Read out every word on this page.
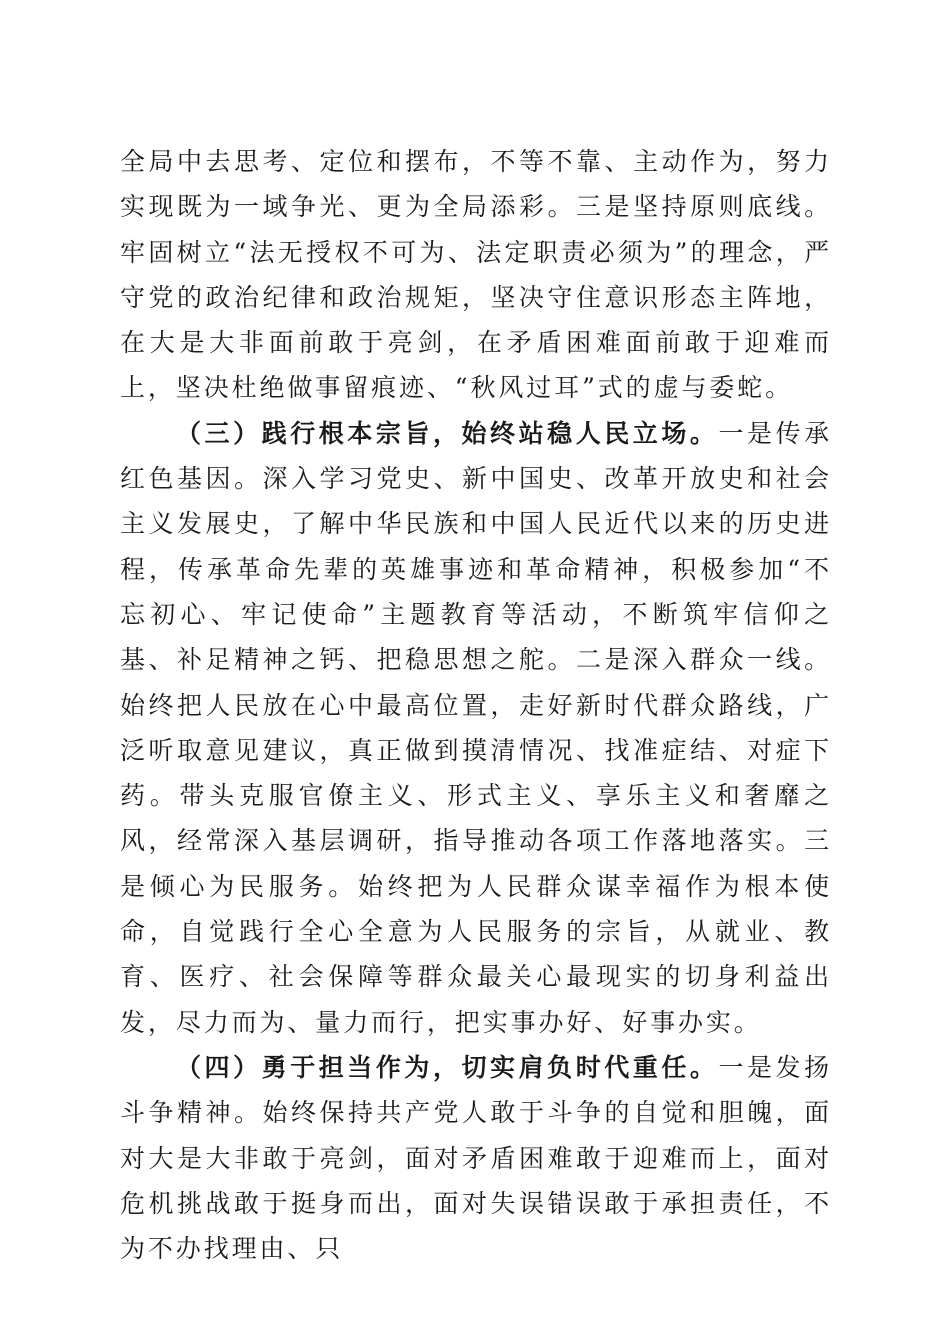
全局中去思考、定位和摆布，不等不靠、主动作为，努力实现既为一域争光、更为全局添彩。三是坚持原则底线。牢固树立“法无授权不可为、法定职责必须为”的理念，严守党的政治纪律和政治规矩，坚决守住意识形态主阵地，在大是大非面前敢于亮剑，在矛盾困难面前敢于迎难而上，坚决杜绝做事留痕迹、“秋风过耳”式的虚与委蛇。

（三）践行根本宗旨，始终站稳人民立场。一是传承红色基因。深入学习党史、新中国史、改革开放史和社会主义发展史，了解中华民族和中国人民近代以来的历史进程，传承革命先辈的英雄事迹和革命精神，积极参加“不忘初心、牢记使命”主题教育等活动，不断筑牢信仰之基、补足精神之钙、把稳思想之舵。二是深入群众一线。始终把人民放在心中最高位置，走好新时代群众路线，广泛听取意见建议，真正做到摸清情况、找准症结、对症下药。带头克服官僚主义、形式主义、享乐主义和奢靡之风，经常深入基层调研，指导推动各项工作落地落实。三是倾心为民服务。始终把为人民群众谋幸福作为根本使命，自觉践行全心全意为人民服务的宗旨，从就业、教育、医疗、社会保障等群众最关心最现实的切身利益出发，尽力而为、量力而行，把实事办好、好事办实。

（四）勇于担当作为，切实肩负时代重任。一是发扬斗争精神。始终保持共产党人敢于斗争的自觉和胆魄，面对大是大非敢于亮剑，面对矛盾困难敢于迎难而上，面对危机挑战敢于挺身而出，面对失误错误敢于承担责任，不为不办找理由、只
